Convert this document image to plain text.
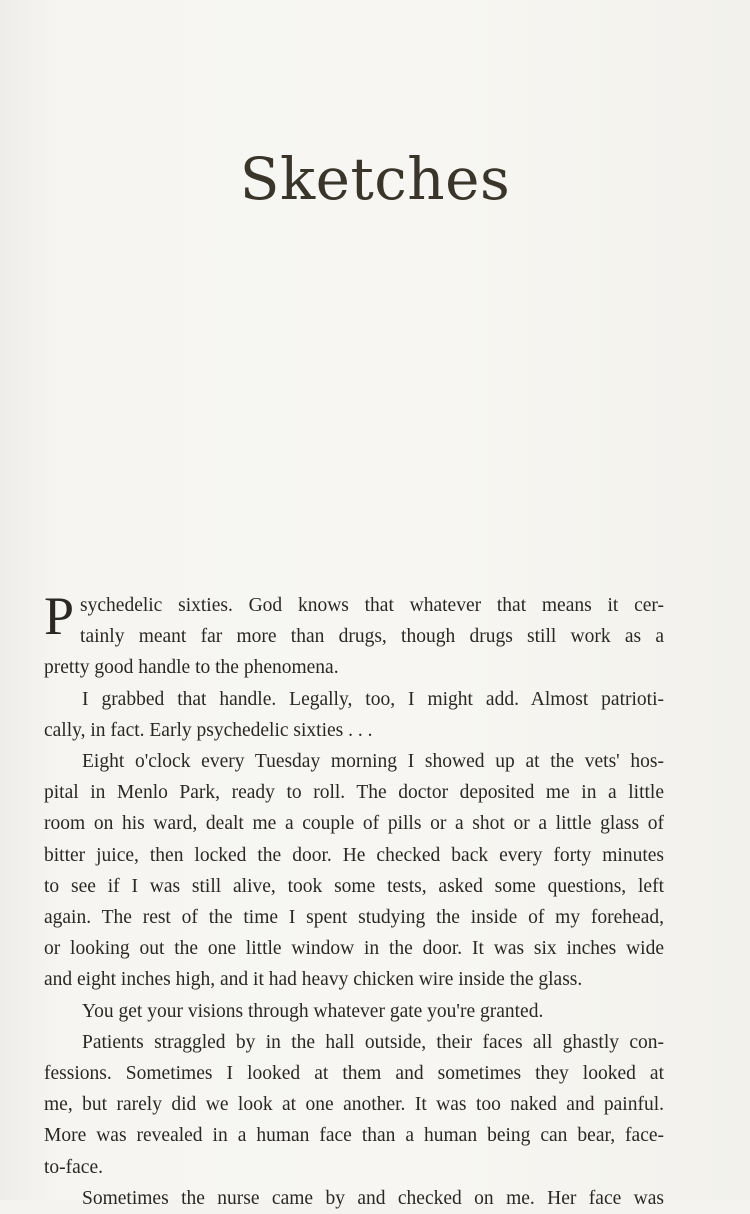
Sketches
P sychedelic sixties. God knows that whatever that means it cer-
tainly meant far more than drugs, though drugs still work as a
pretty good handle to the phenomena.
I grabbed that handle. Legally, too, I might add. Almost patrioti-
cally, in fact. Early psychedelic sixties . . .
Eight o'clock every Tuesday morning I showed up at the vets' hos-
pital in Menlo Park, ready to roll. The doctor deposited me in a little
room on his ward, dealt me a couple of pills or a shot or a little glass of
bitter juice, then locked the door. He checked back every forty minutes
to see if I was still alive, took some tests, asked some questions, left
again. The rest of the time I spent studying the inside of my forehead,
or looking out the one little window in the door. It was six inches wide
and eight inches high, and it had heavy chicken wire inside the glass.
You get your visions through whatever gate you're granted.
Patients straggled by in the hall outside, their faces all ghastly con-
fessions. Sometimes I looked at them and sometimes they looked at
me, but rarely did we look at one another. It was too naked and painful.
More was revealed in a human face than a human being can bear, face-
to-face.
Sometimes the nurse came by and checked on me. Her face was
